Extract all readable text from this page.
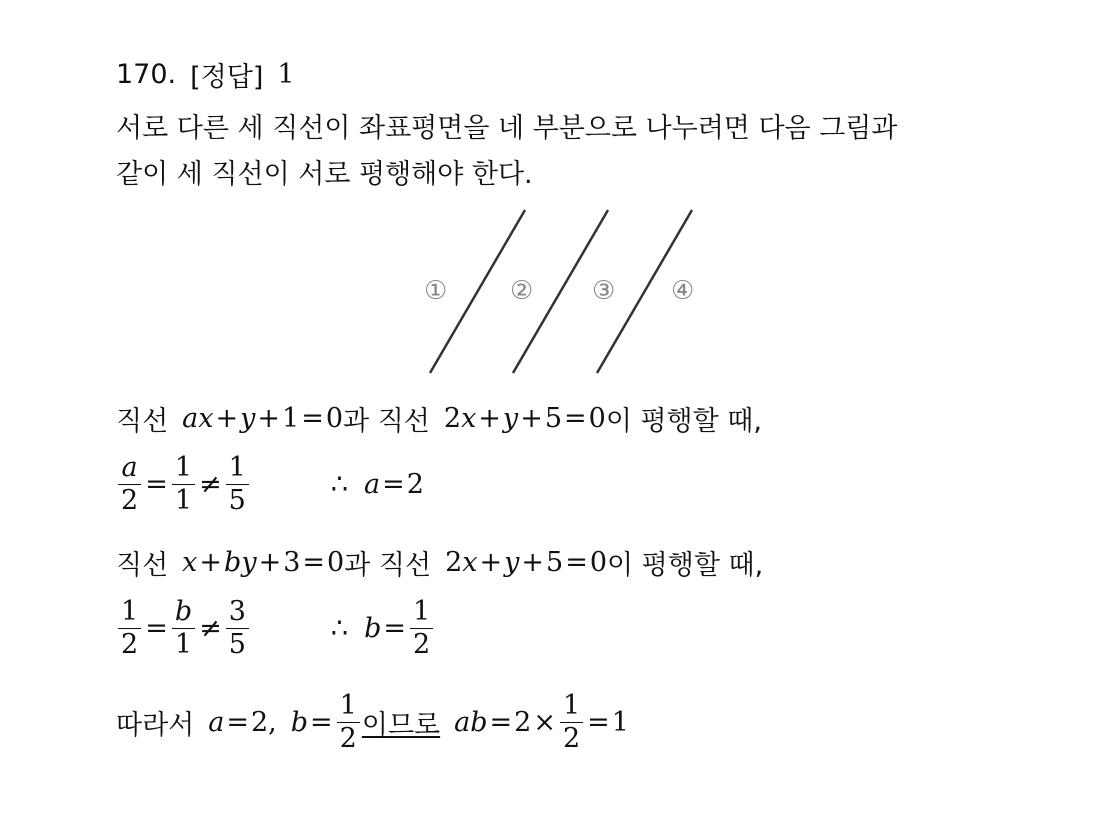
170. [정답] 1
서로 다른 세 직선이 좌표평면을 네 부분으로 나누려면 다음 그림과
같이 세 직선이 서로 평행해야 한다.
① ② ③ ④
직선 ax+y+1=0 과 직선 2x+y+5=0 이 평행할 때,
$\frac{a}{2} = \frac{1}{1} \ne \frac{1}{5}$	∴ a=2
직선 x+by+3=0 과 직선 2x+y+5=0 이 평행할 때,
$\frac{1}{2} = \frac{b}{1} \ne \frac{3}{5}$	∴ $b = \frac{1}{2}$
따라서 a=2, $b = \frac{1}{2}$ 이므로 a $b = 2 \times \frac{1}{2} = 1$
